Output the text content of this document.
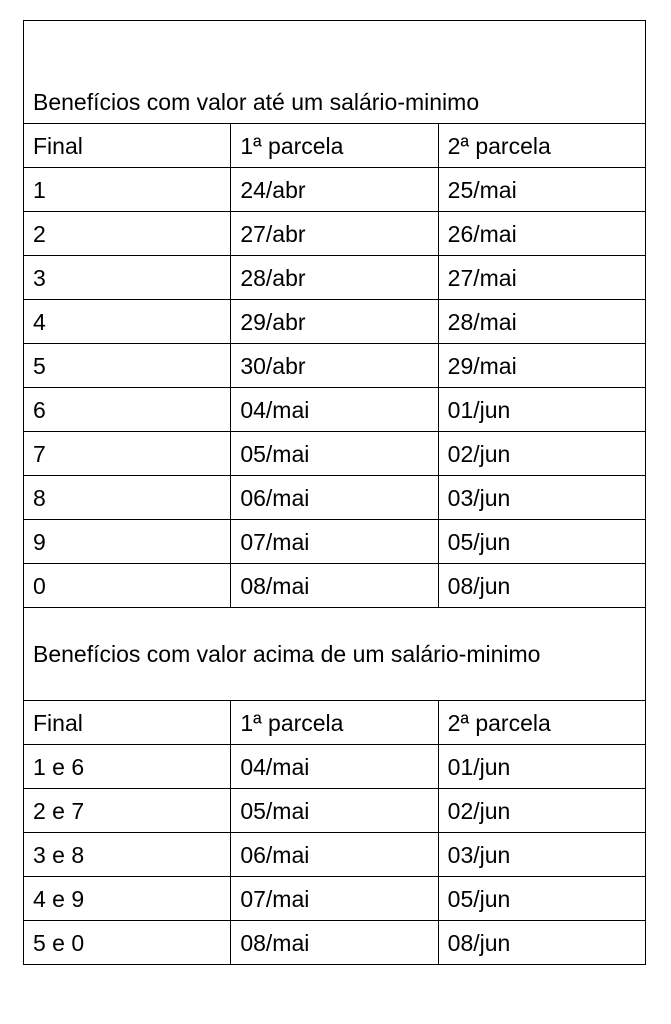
Benefícios com valor até um salário-minimo		
Final	1ª parcela	2ª parcela
1	24/abr	25/mai
2	27/abr	26/mai
3	28/abr	27/mai
4	29/abr	28/mai
5	30/abr	29/mai
6	04/mai	01/jun
7	05/mai	02/jun
8	06/mai	03/jun
9	07/mai	05/jun
0	08/mai	08/jun
Benefícios com valor acima de um salário-minimo		
Final	1ª parcela	2ª parcela
1 e 6	04/mai	01/jun
2 e 7	05/mai	02/jun
3 e 8	06/mai	03/jun
4 e 9	07/mai	05/jun
5 e 0	08/mai	08/jun
